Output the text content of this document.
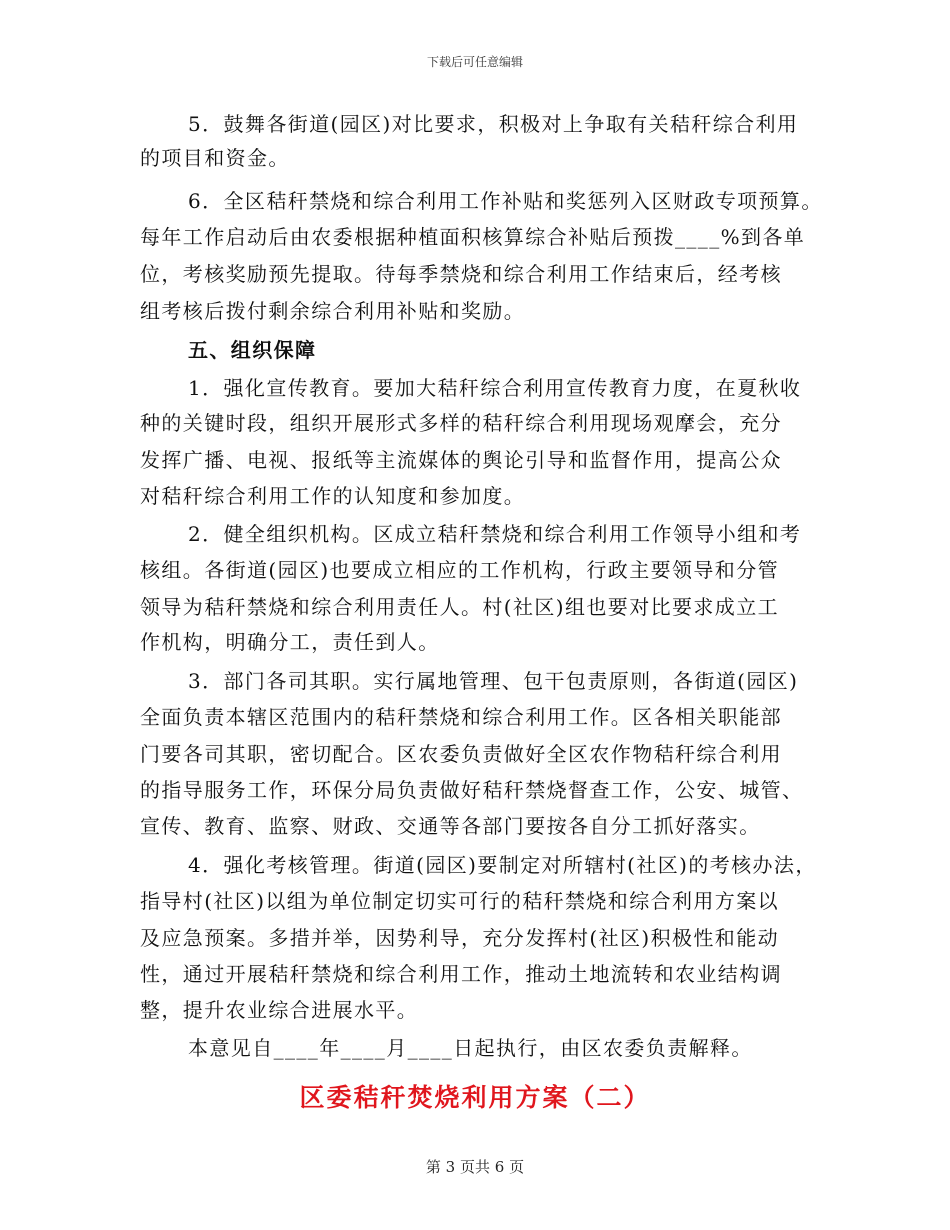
下载后可任意编辑
5．鼓舞各街道(园区)对比要求，积极对上争取有关秸秆综合利用
的项目和资金。
6．全区秸秆禁烧和综合利用工作补贴和奖惩列入区财政专项预算。
每年工作启动后由农委根据种植面积核算综合补贴后预拨____%到各单
位，考核奖励预先提取。待每季禁烧和综合利用工作结束后，经考核
组考核后拨付剩余综合利用补贴和奖励。
五、组织保障
1．强化宣传教育。要加大秸秆综合利用宣传教育力度，在夏秋收
种的关键时段，组织开展形式多样的秸秆综合利用现场观摩会，充分
发挥广播、电视、报纸等主流媒体的舆论引导和监督作用，提高公众
对秸秆综合利用工作的认知度和参加度。
2．健全组织机构。区成立秸秆禁烧和综合利用工作领导小组和考
核组。各街道(园区)也要成立相应的工作机构，行政主要领导和分管
领导为秸秆禁烧和综合利用责任人。村(社区)组也要对比要求成立工
作机构，明确分工，责任到人。
3．部门各司其职。实行属地管理、包干包责原则，各街道(园区)
全面负责本辖区范围内的秸秆禁烧和综合利用工作。区各相关职能部
门要各司其职，密切配合。区农委负责做好全区农作物秸秆综合利用
的指导服务工作，环保分局负责做好秸秆禁烧督查工作，公安、城管、
宣传、教育、监察、财政、交通等各部门要按各自分工抓好落实。
4．强化考核管理。街道(园区)要制定对所辖村(社区)的考核办法，
指导村(社区)以组为单位制定切实可行的秸秆禁烧和综合利用方案以
及应急预案。多措并举，因势利导，充分发挥村(社区)积极性和能动
性，通过开展秸秆禁烧和综合利用工作，推动土地流转和农业结构调
整，提升农业综合进展水平。
本意见自____年____月____日起执行，由区农委负责解释。
区委秸秆焚烧利用方案（二）
第 3 页共 6 页
